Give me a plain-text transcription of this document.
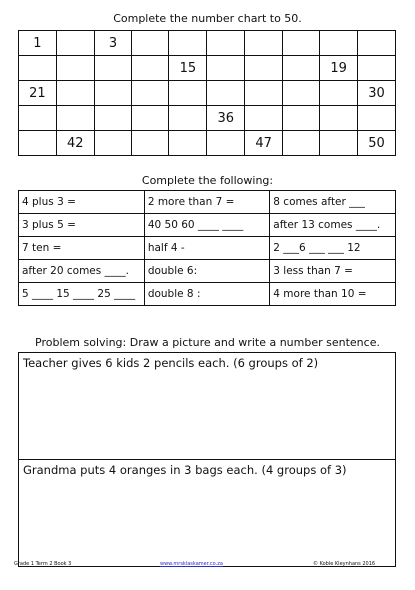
Complete the number chart to 50.
1		3							
				15				19	
21									30
					36				
	42					47			50
Complete the following:
4 plus 3 =	2 more than 7 =	8 comes after ___
3 plus 5 =	40 50 60 ____ ____	after 13 comes ____.
7 ten =	half 4 -	2 ___6 ___ ___ 12
after 20 comes ____.	double 6:	3 less than 7 =
5 ____ 15 ____ 25 ____	double 8 :	4 more than 10 =
Problem solving: Draw a picture and write a number sentence.
Teacher gives 6 kids 2 pencils each. (6 groups of 2)
Grandma puts 4 oranges in 3 bags each. (4 groups of 3)
Grade 1 Term 2 Book 3	www.mrsklaskamer.co.za	© Koble Kleynhans 2016
